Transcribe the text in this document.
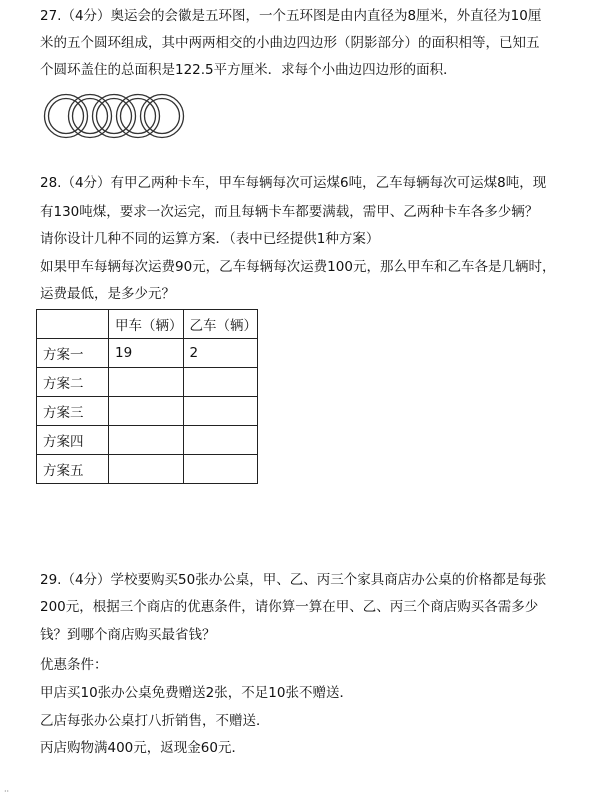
27.（4分）奥运会的会徽是五环图，一个五环图是由内直径为8厘米，外直径为10厘
米的五个圆环组成，其中两两相交的小曲边四边形（阴影部分）的面积相等，已知五
个圆环盖住的总面积是122.5平方厘米．求每个小曲边四边形的面积．
28.（4分）有甲乙两种卡车，甲车每辆每次可运煤6吨，乙车每辆每次可运煤8吨，现
有130吨煤，要求一次运完，而且每辆卡车都要满载，需甲、乙两种卡车各多少辆？
请你设计几种不同的运算方案．（表中已经提供1种方案）
如果甲车每辆每次运费90元，乙车每辆每次运费100元，那么甲车和乙车各是几辆时，
运费最低，是多少元？
	甲车（辆）	乙车（辆）
方案一	19	2
方案二		
方案三		
方案四		
方案五		
29.（4分）学校要购买50张办公桌，甲、乙、丙三个家具商店办公桌的价格都是每张
200元，根据三个商店的优惠条件，请你算一算在甲、乙、丙三个商店购买各需多少
钱？到哪个商店购买最省钱？
优惠条件：
甲店买10张办公桌免费赠送2张，不足10张不赠送．
乙店每张办公桌打八折销售，不赠送．
丙店购物满400元，返现金60元．
··
